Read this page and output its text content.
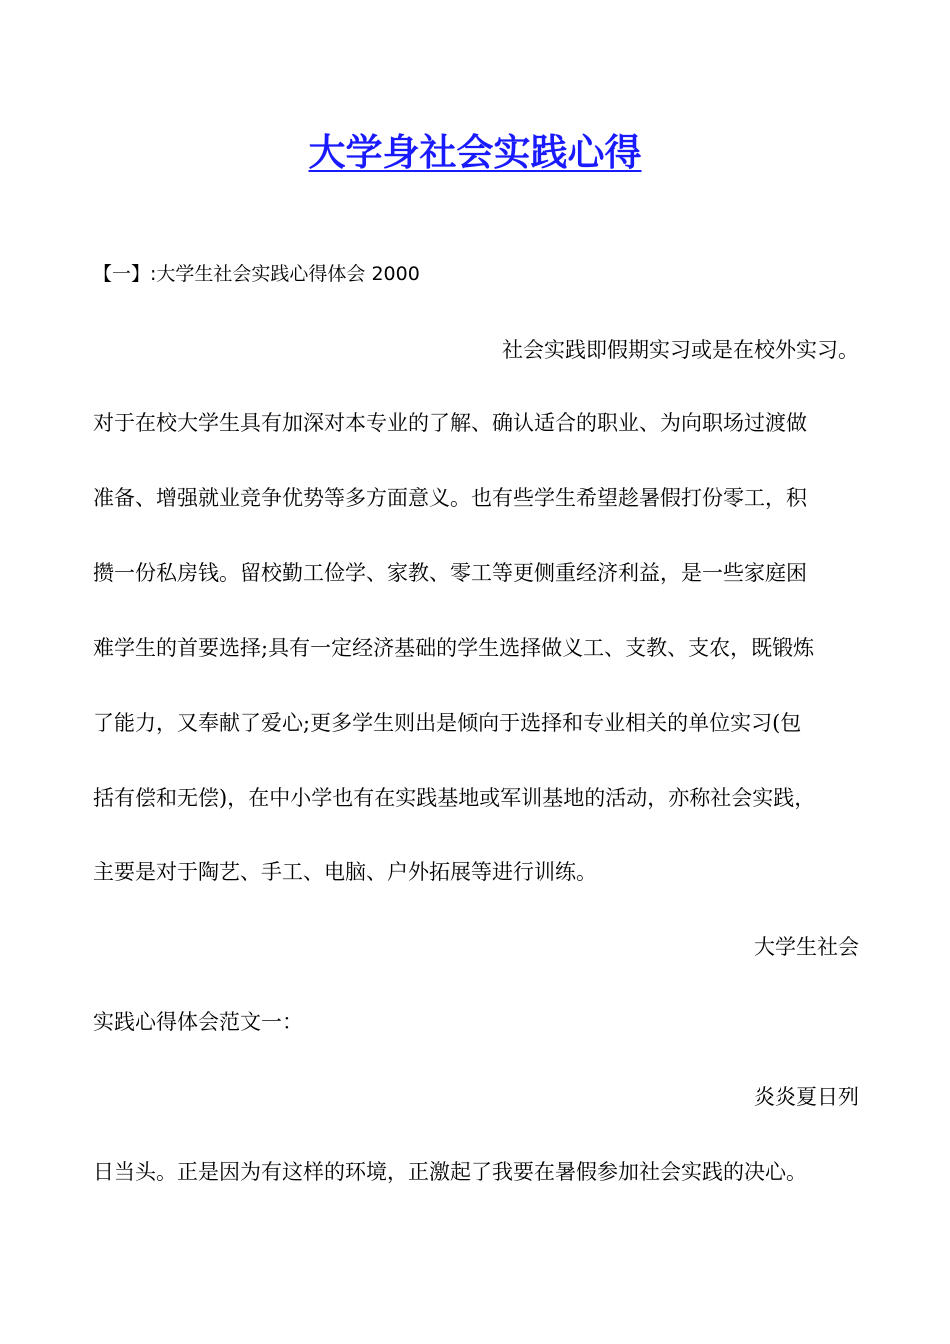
大学身社会实践心得
【一】:大学生社会实践心得体会 2000
社会实践即假期实习或是在校外实习。
对于在校大学生具有加深对本专业的了解、确认适合的职业、为向职场过渡做
准备、增强就业竞争优势等多方面意义。也有些学生希望趁暑假打份零工，积
攒一份私房钱。留校勤工俭学、家教、零工等更侧重经济利益，是一些家庭困
难学生的首要选择;具有一定经济基础的学生选择做义工、支教、支农，既锻炼
了能力，又奉献了爱心;更多学生则出是倾向于选择和专业相关的单位实习(包
括有偿和无偿)，在中小学也有在实践基地或军训基地的活动，亦称社会实践，
主要是对于陶艺、手工、电脑、户外拓展等进行训练。
大学生社会
实践心得体会范文一：
炎炎夏日列
日当头。正是因为有这样的环境，正激起了我要在暑假参加社会实践的决心。
